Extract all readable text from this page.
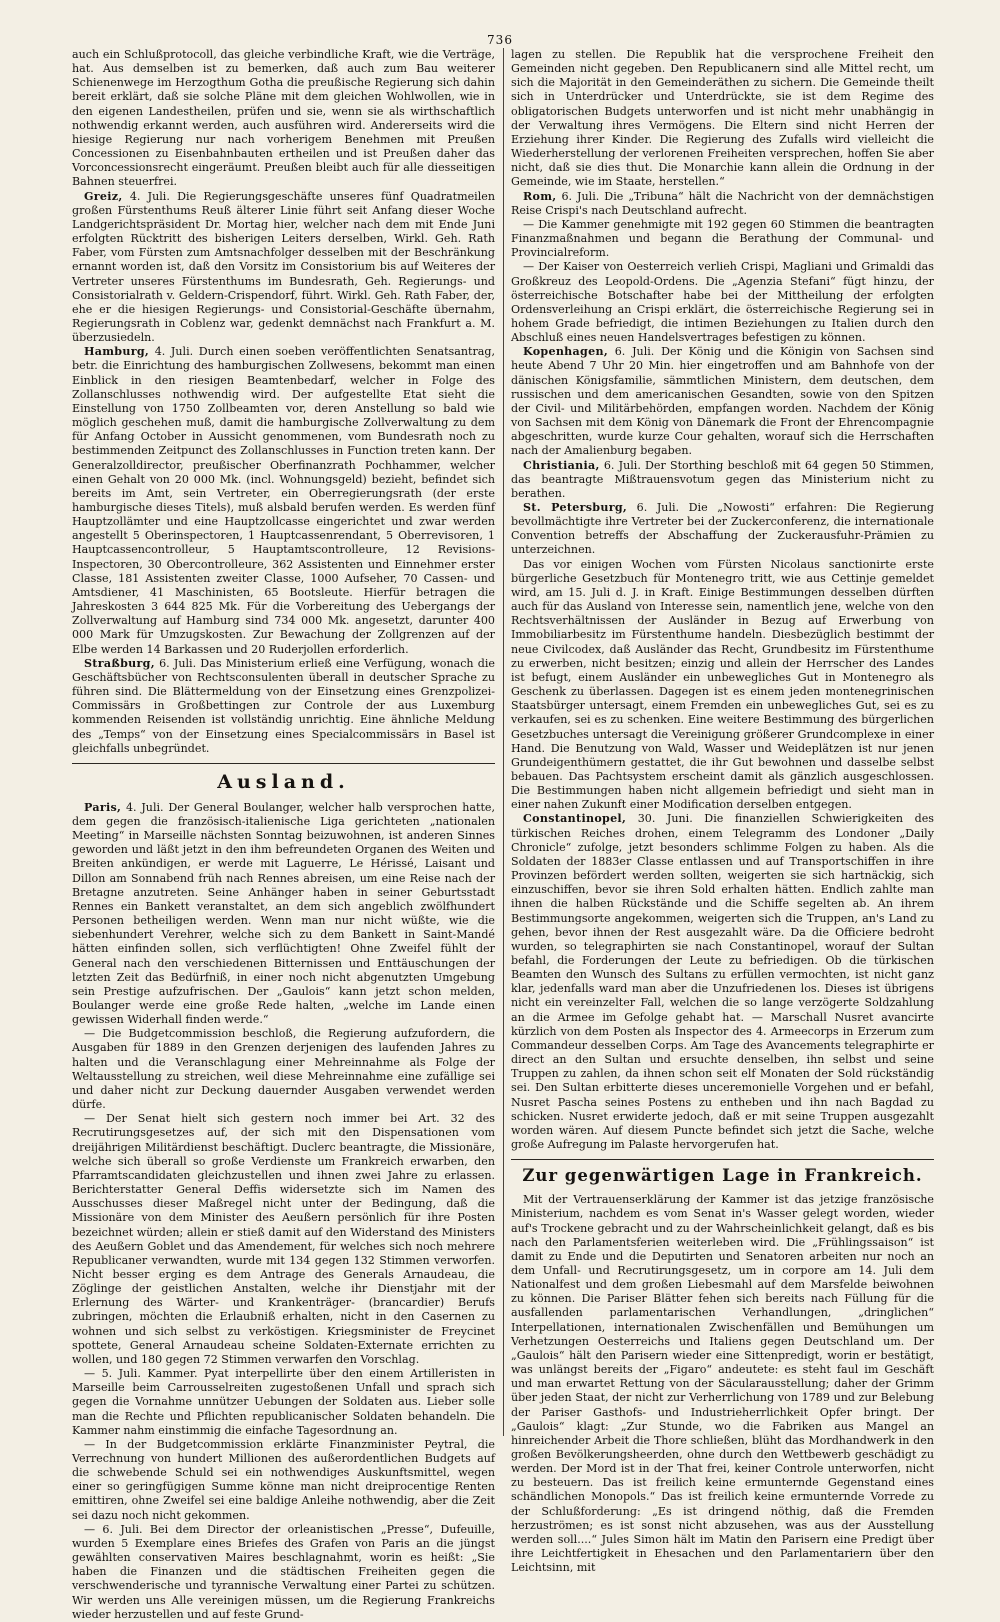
736

auch ein Schlußprotocoll, das gleiche verbindliche Kraft, wie die Verträge, hat. Aus demselben ist zu bemerken, daß auch zum Bau weiterer Schienenwege im Herzogthum Gotha die preußische Regierung sich dahin bereit erklärt, daß sie solche Pläne mit dem gleichen Wohlwollen, wie in den eigenen Landestheilen, prüfen und sie, wenn sie als wirthschaftlich nothwendig erkannt werden, auch ausführen wird. Andererseits wird die hiesige Regierung nur nach vorherigem Benehmen mit Preußen Concessionen zu Eisenbahnbauten ertheilen und ist Preußen daher das Vorconcessionsrecht eingeräumt. Preußen bleibt auch für alle diesseitigen Bahnen steuerfrei.

Greiz, 4. Juli. Die Regierungsgeschäfte unseres fünf Quadratmeilen großen Fürstenthums Reuß älterer Linie führt seit Anfang dieser Woche Landgerichtspräsident Dr. Mortag hier, welcher nach dem mit Ende Juni erfolgten Rücktritt des bisherigen Leiters derselben, Wirkl. Geh. Rath Faber, vom Fürsten zum Amtsnachfolger desselben mit der Beschränkung ernannt worden ist, daß den Vorsitz im Consistorium bis auf Weiteres der Vertreter unseres Fürstenthums im Bundesrath, Geh. Regierungs- und Consistorialrath v. Geldern-Crispendorf, führt. Wirkl. Geh. Rath Faber, der, ehe er die hiesigen Regierungs- und Consistorial-Geschäfte übernahm, Regierungsrath in Coblenz war, gedenkt demnächst nach Frankfurt a. M. überzusiedeln.

Hamburg, 4. Juli. Durch einen soeben veröffentlichten Senatsantrag, betr. die Einrichtung des hamburgischen Zollwesens, bekommt man einen Einblick in den riesigen Beamtenbedarf, welcher in Folge des Zollanschlusses nothwendig wird. Der aufgestellte Etat sieht die Einstellung von 1750 Zollbeamten vor, deren Anstellung so bald wie möglich geschehen muß, damit die hamburgische Zollverwaltung zu dem für Anfang October in Aussicht genommenen, vom Bundesrath noch zu bestimmenden Zeitpunct des Zollanschlusses in Function treten kann. Der Generalzolldirector, preußischer Oberfinanzrath Pochhammer, welcher einen Gehalt von 20 000 Mk. (incl. Wohnungsgeld) bezieht, befindet sich bereits im Amt, sein Vertreter, ein Oberregierungsrath (der erste hamburgische dieses Titels), muß alsbald berufen werden. Es werden fünf Hauptzollämter und eine Hauptzollcasse eingerichtet und zwar werden angestellt 5 Oberinspectoren, 1 Hauptcassenrendant, 5 Oberrevisoren, 1 Hauptcassencontrolleur, 5 Hauptamtscontrolleure, 12 Revisions-Inspectoren, 30 Obercontrolleure, 362 Assistenten und Einnehmer erster Classe, 181 Assistenten zweiter Classe, 1000 Aufseher, 70 Cassen- und Amtsdiener, 41 Maschinisten, 65 Bootsleute. Hierfür betragen die Jahreskosten 3 644 825 Mk. Für die Vorbereitung des Uebergangs der Zollverwaltung auf Hamburg sind 734 000 Mk. angesetzt, darunter 400 000 Mark für Umzugskosten. Zur Bewachung der Zollgrenzen auf der Elbe werden 14 Barkassen und 20 Ruderjollen erforderlich.

Straßburg, 6. Juli. Das Ministerium erließ eine Verfügung, wonach die Geschäftsbücher von Rechtsconsulenten überall in deutscher Sprache zu führen sind. Die Blättermeldung von der Einsetzung eines Grenzpolizei-Commissärs in Großbettingen zur Controle der aus Luxemburg kommenden Reisenden ist vollständig unrichtig. Eine ähnliche Meldung des „Temps“ von der Einsetzung eines Specialcommissärs in Basel ist gleichfalls unbegründet.

Ausland.

Paris, 4. Juli. Der General Boulanger, welcher halb versprochen hatte, dem gegen die französisch-italienische Liga gerichteten „nationalen Meeting“ in Marseille nächsten Sonntag beizuwohnen, ist anderen Sinnes geworden und läßt jetzt in den ihm befreundeten Organen des Weiten und Breiten ankündigen, er werde mit Laguerre, Le Hérissé, Laisant und Dillon am Sonnabend früh nach Rennes abreisen, um eine Reise nach der Bretagne anzutreten. Seine Anhänger haben in seiner Geburtsstadt Rennes ein Bankett veranstaltet, an dem sich angeblich zwölfhundert Personen betheiligen werden. Wenn man nur nicht wüßte, wie die siebenhundert Verehrer, welche sich zu dem Bankett in Saint-Mandé hätten einfinden sollen, sich verflüchtigten! Ohne Zweifel fühlt der General nach den verschiedenen Bitternissen und Enttäuschungen der letzten Zeit das Bedürfniß, in einer noch nicht abgenutzten Umgebung sein Prestige aufzufrischen. Der „Gaulois“ kann jetzt schon melden, Boulanger werde eine große Rede halten, „welche im Lande einen gewissen Widerhall finden werde.“

— Die Budgetcommission beschloß, die Regierung aufzufordern, die Ausgaben für 1889 in den Grenzen derjenigen des laufenden Jahres zu halten und die Veranschlagung einer Mehreinnahme als Folge der Weltausstellung zu streichen, weil diese Mehreinnahme eine zufällige sei und daher nicht zur Deckung dauernder Ausgaben verwendet werden dürfe.

— Der Senat hielt sich gestern noch immer bei Art. 32 des Recrutirungsgesetzes auf, der sich mit den Dispensationen vom dreijährigen Militärdienst beschäftigt. Duclerc beantragte, die Missionäre, welche sich überall so große Verdienste um Frankreich erwarben, den Pfarramtscandidaten gleichzustellen und ihnen zwei Jahre zu erlassen. Berichterstatter General Deffis widersetzte sich im Namen des Ausschusses dieser Maßregel nicht unter der Bedingung, daß die Missionäre von dem Minister des Aeußern persönlich für ihre Posten bezeichnet würden; allein er stieß damit auf den Widerstand des Ministers des Aeußern Goblet und das Amendement, für welches sich noch mehrere Republicaner verwandten, wurde mit 134 gegen 132 Stimmen verworfen. Nicht besser erging es dem Antrage des Generals Arnaudeau, die Zöglinge der geistlichen Anstalten, welche ihr Dienstjahr mit der Erlernung des Wärter- und Krankenträger- (brancardier) Berufs zubringen, möchten die Erlaubniß erhalten, nicht in den Casernen zu wohnen und sich selbst zu verköstigen. Kriegsminister de Freycinet spottete, General Arnaudeau scheine Soldaten-Externate errichten zu wollen, und 180 gegen 72 Stimmen verwarfen den Vorschlag.

— 5. Juli. Kammer. Pyat interpellirte über den einem Artilleristen in Marseille beim Carrousselreiten zugestoßenen Unfall und sprach sich gegen die Vornahme unnützer Uebungen der Soldaten aus. Lieber solle man die Rechte und Pflichten republicanischer Soldaten behandeln. Die Kammer nahm einstimmig die einfache Tagesordnung an.

— In der Budgetcommission erklärte Finanzminister Peytral, die Verrechnung von hundert Millionen des außerordentlichen Budgets auf die schwebende Schuld sei ein nothwendiges Auskunftsmittel, wegen einer so geringfügigen Summe könne man nicht dreiprocentige Renten emittiren, ohne Zweifel sei eine baldige Anleihe nothwendig, aber die Zeit sei dazu noch nicht gekommen.

— 6. Juli. Bei dem Director der orleanistischen „Presse“, Dufeuille, wurden 5 Exemplare eines Briefes des Grafen von Paris an die jüngst gewählten conservativen Maires beschlagnahmt, worin es heißt: „Sie haben die Finanzen und die städtischen Freiheiten gegen die verschwenderische und tyrannische Verwaltung einer Partei zu schützen. Wir werden uns Alle vereinigen müssen, um die Regierung Frankreichs wieder herzustellen und auf feste Grund-

lagen zu stellen. Die Republik hat die versprochene Freiheit den Gemeinden nicht gegeben. Den Republicanern sind alle Mittel recht, um sich die Majorität in den Gemeinderäthen zu sichern. Die Gemeinde theilt sich in Unterdrücker und Unterdrückte, sie ist dem Regime des obligatorischen Budgets unterworfen und ist nicht mehr unabhängig in der Verwaltung ihres Vermögens. Die Eltern sind nicht Herren der Erziehung ihrer Kinder. Die Regierung des Zufalls wird vielleicht die Wiederherstellung der verlorenen Freiheiten versprechen, hoffen Sie aber nicht, daß sie dies thut. Die Monarchie kann allein die Ordnung in der Gemeinde, wie im Staate, herstellen.“

Rom, 6. Juli. Die „Tribuna“ hält die Nachricht von der demnächstigen Reise Crispi's nach Deutschland aufrecht.

— Die Kammer genehmigte mit 192 gegen 60 Stimmen die beantragten Finanzmaßnahmen und begann die Berathung der Communal- und Provincialreform.

— Der Kaiser von Oesterreich verlieh Crispi, Magliani und Grimaldi das Großkreuz des Leopold-Ordens. Die „Agenzia Stefani“ fügt hinzu, der österreichische Botschafter habe bei der Mittheilung der erfolgten Ordensverleihung an Crispi erklärt, die österreichische Regierung sei in hohem Grade befriedigt, die intimen Beziehungen zu Italien durch den Abschluß eines neuen Handelsvertrages befestigen zu können.

Kopenhagen, 6. Juli. Der König und die Königin von Sachsen sind heute Abend 7 Uhr 20 Min. hier eingetroffen und am Bahnhofe von der dänischen Königsfamilie, sämmtlichen Ministern, dem deutschen, dem russischen und dem americanischen Gesandten, sowie von den Spitzen der Civil- und Militärbehörden, empfangen worden. Nachdem der König von Sachsen mit dem König von Dänemark die Front der Ehrencompagnie abgeschritten, wurde kurze Cour gehalten, worauf sich die Herrschaften nach der Amalienburg begaben.

Christiania, 6. Juli. Der Storthing beschloß mit 64 gegen 50 Stimmen, das beantragte Mißtrauensvotum gegen das Ministerium nicht zu berathen.

St. Petersburg, 6. Juli. Die „Nowosti“ erfahren: Die Regierung bevollmächtigte ihre Vertreter bei der Zuckerconferenz, die internationale Convention betreffs der Abschaffung der Zuckerausfuhr-Prämien zu unterzeichnen.

Das vor einigen Wochen vom Fürsten Nicolaus sanctionirte erste bürgerliche Gesetzbuch für Montenegro tritt, wie aus Cettinje gemeldet wird, am 15. Juli d. J. in Kraft. Einige Bestimmungen desselben dürften auch für das Ausland von Interesse sein, namentlich jene, welche von den Rechtsverhältnissen der Ausländer in Bezug auf Erwerbung von Immobiliarbesitz im Fürstenthume handeln. Diesbezüglich bestimmt der neue Civilcodex, daß Ausländer das Recht, Grundbesitz im Fürstenthume zu erwerben, nicht besitzen; einzig und allein der Herrscher des Landes ist befugt, einem Ausländer ein unbewegliches Gut in Montenegro als Geschenk zu überlassen. Dagegen ist es einem jeden montenegrinischen Staatsbürger untersagt, einem Fremden ein unbewegliches Gut, sei es zu verkaufen, sei es zu schenken. Eine weitere Bestimmung des bürgerlichen Gesetzbuches untersagt die Vereinigung größerer Grundcomplexe in einer Hand. Die Benutzung von Wald, Wasser und Weideplätzen ist nur jenen Grundeigenthümern gestattet, die ihr Gut bewohnen und dasselbe selbst bebauen. Das Pachtsystem erscheint damit als gänzlich ausgeschlossen. Die Bestimmungen haben nicht allgemein befriedigt und sieht man in einer nahen Zukunft einer Modification derselben entgegen.

Constantinopel, 30. Juni. Die finanziellen Schwierigkeiten des türkischen Reiches drohen, einem Telegramm des Londoner „Daily Chronicle“ zufolge, jetzt besonders schlimme Folgen zu haben. Als die Soldaten der 1883er Classe entlassen und auf Transportschiffen in ihre Provinzen befördert werden sollten, weigerten sie sich hartnäckig, sich einzuschiffen, bevor sie ihren Sold erhalten hätten. Endlich zahlte man ihnen die halben Rückstände und die Schiffe segelten ab. An ihrem Bestimmungsorte angekommen, weigerten sich die Truppen, an's Land zu gehen, bevor ihnen der Rest ausgezahlt wäre. Da die Officiere bedroht wurden, so telegraphirten sie nach Constantinopel, worauf der Sultan befahl, die Forderungen der Leute zu befriedigen. Ob die türkischen Beamten den Wunsch des Sultans zu erfüllen vermochten, ist nicht ganz klar, jedenfalls ward man aber die Unzufriedenen los. Dieses ist übrigens nicht ein vereinzelter Fall, welchen die so lange verzögerte Soldzahlung an die Armee im Gefolge gehabt hat. — Marschall Nusret avancirte kürzlich von dem Posten als Inspector des 4. Armeecorps in Erzerum zum Commandeur desselben Corps. Am Tage des Avancements telegraphirte er direct an den Sultan und ersuchte denselben, ihn selbst und seine Truppen zu zahlen, da ihnen schon seit elf Monaten der Sold rückständig sei. Den Sultan erbitterte dieses unceremonielle Vorgehen und er befahl, Nusret Pascha seines Postens zu entheben und ihn nach Bagdad zu schicken. Nusret erwiderte jedoch, daß er mit seine Truppen ausgezahlt worden wären. Auf diesem Puncte befindet sich jetzt die Sache, welche große Aufregung im Palaste hervorgerufen hat.

Zur gegenwärtigen Lage in Frankreich.

Mit der Vertrauenserklärung der Kammer ist das jetzige französische Ministerium, nachdem es vom Senat in's Wasser gelegt worden, wieder auf's Trockene gebracht und zu der Wahrscheinlichkeit gelangt, daß es bis nach den Parlamentsferien weiterleben wird. Die „Frühlingssaison“ ist damit zu Ende und die Deputirten und Senatoren arbeiten nur noch an dem Unfall- und Recrutirungsgesetz, um in corpore am 14. Juli dem Nationalfest und dem großen Liebesmahl auf dem Marsfelde beiwohnen zu können. Die Pariser Blätter fehen sich bereits nach Füllung für die ausfallenden parlamentarischen Verhandlungen, „dringlichen“ Interpellationen, internationalen Zwischenfällen und Bemühungen um Verhetzungen Oesterreichs und Italiens gegen Deutschland um. Der „Gaulois“ hält den Parisern wieder eine Sittenpredigt, worin er bestätigt, was unlängst bereits der „Figaro“ andeutete: es steht faul im Geschäft und man erwartet Rettung von der Säcularausstellung; daher der Grimm über jeden Staat, der nicht zur Verherrlichung von 1789 und zur Belebung der Pariser Gasthofs- und Industrieherrlichkeit Opfer bringt. Der „Gaulois“ klagt: „Zur Stunde, wo die Fabriken aus Mangel an hinreichender Arbeit die Thore schließen, blüht das Mordhandwerk in den großen Bevölkerungsheerden, ohne durch den Wettbewerb geschädigt zu werden. Der Mord ist in der That frei, keiner Controle unterworfen, nicht zu besteuern. Das ist freilich keine ermunternde Gegenstand eines schändlichen Monopols.“ Das ist freilich keine ermunternde Vorrede zu der Schlußforderung: „Es ist dringend nöthig, daß die Fremden herzuströmen; es ist sonst nicht abzusehen, was aus der Ausstellung werden soll....“ Jules Simon hält im Matin den Parisern eine Predigt über ihre Leichtfertigkeit in Ehesachen und den Parlamentariern über den Leichtsinn, mit
